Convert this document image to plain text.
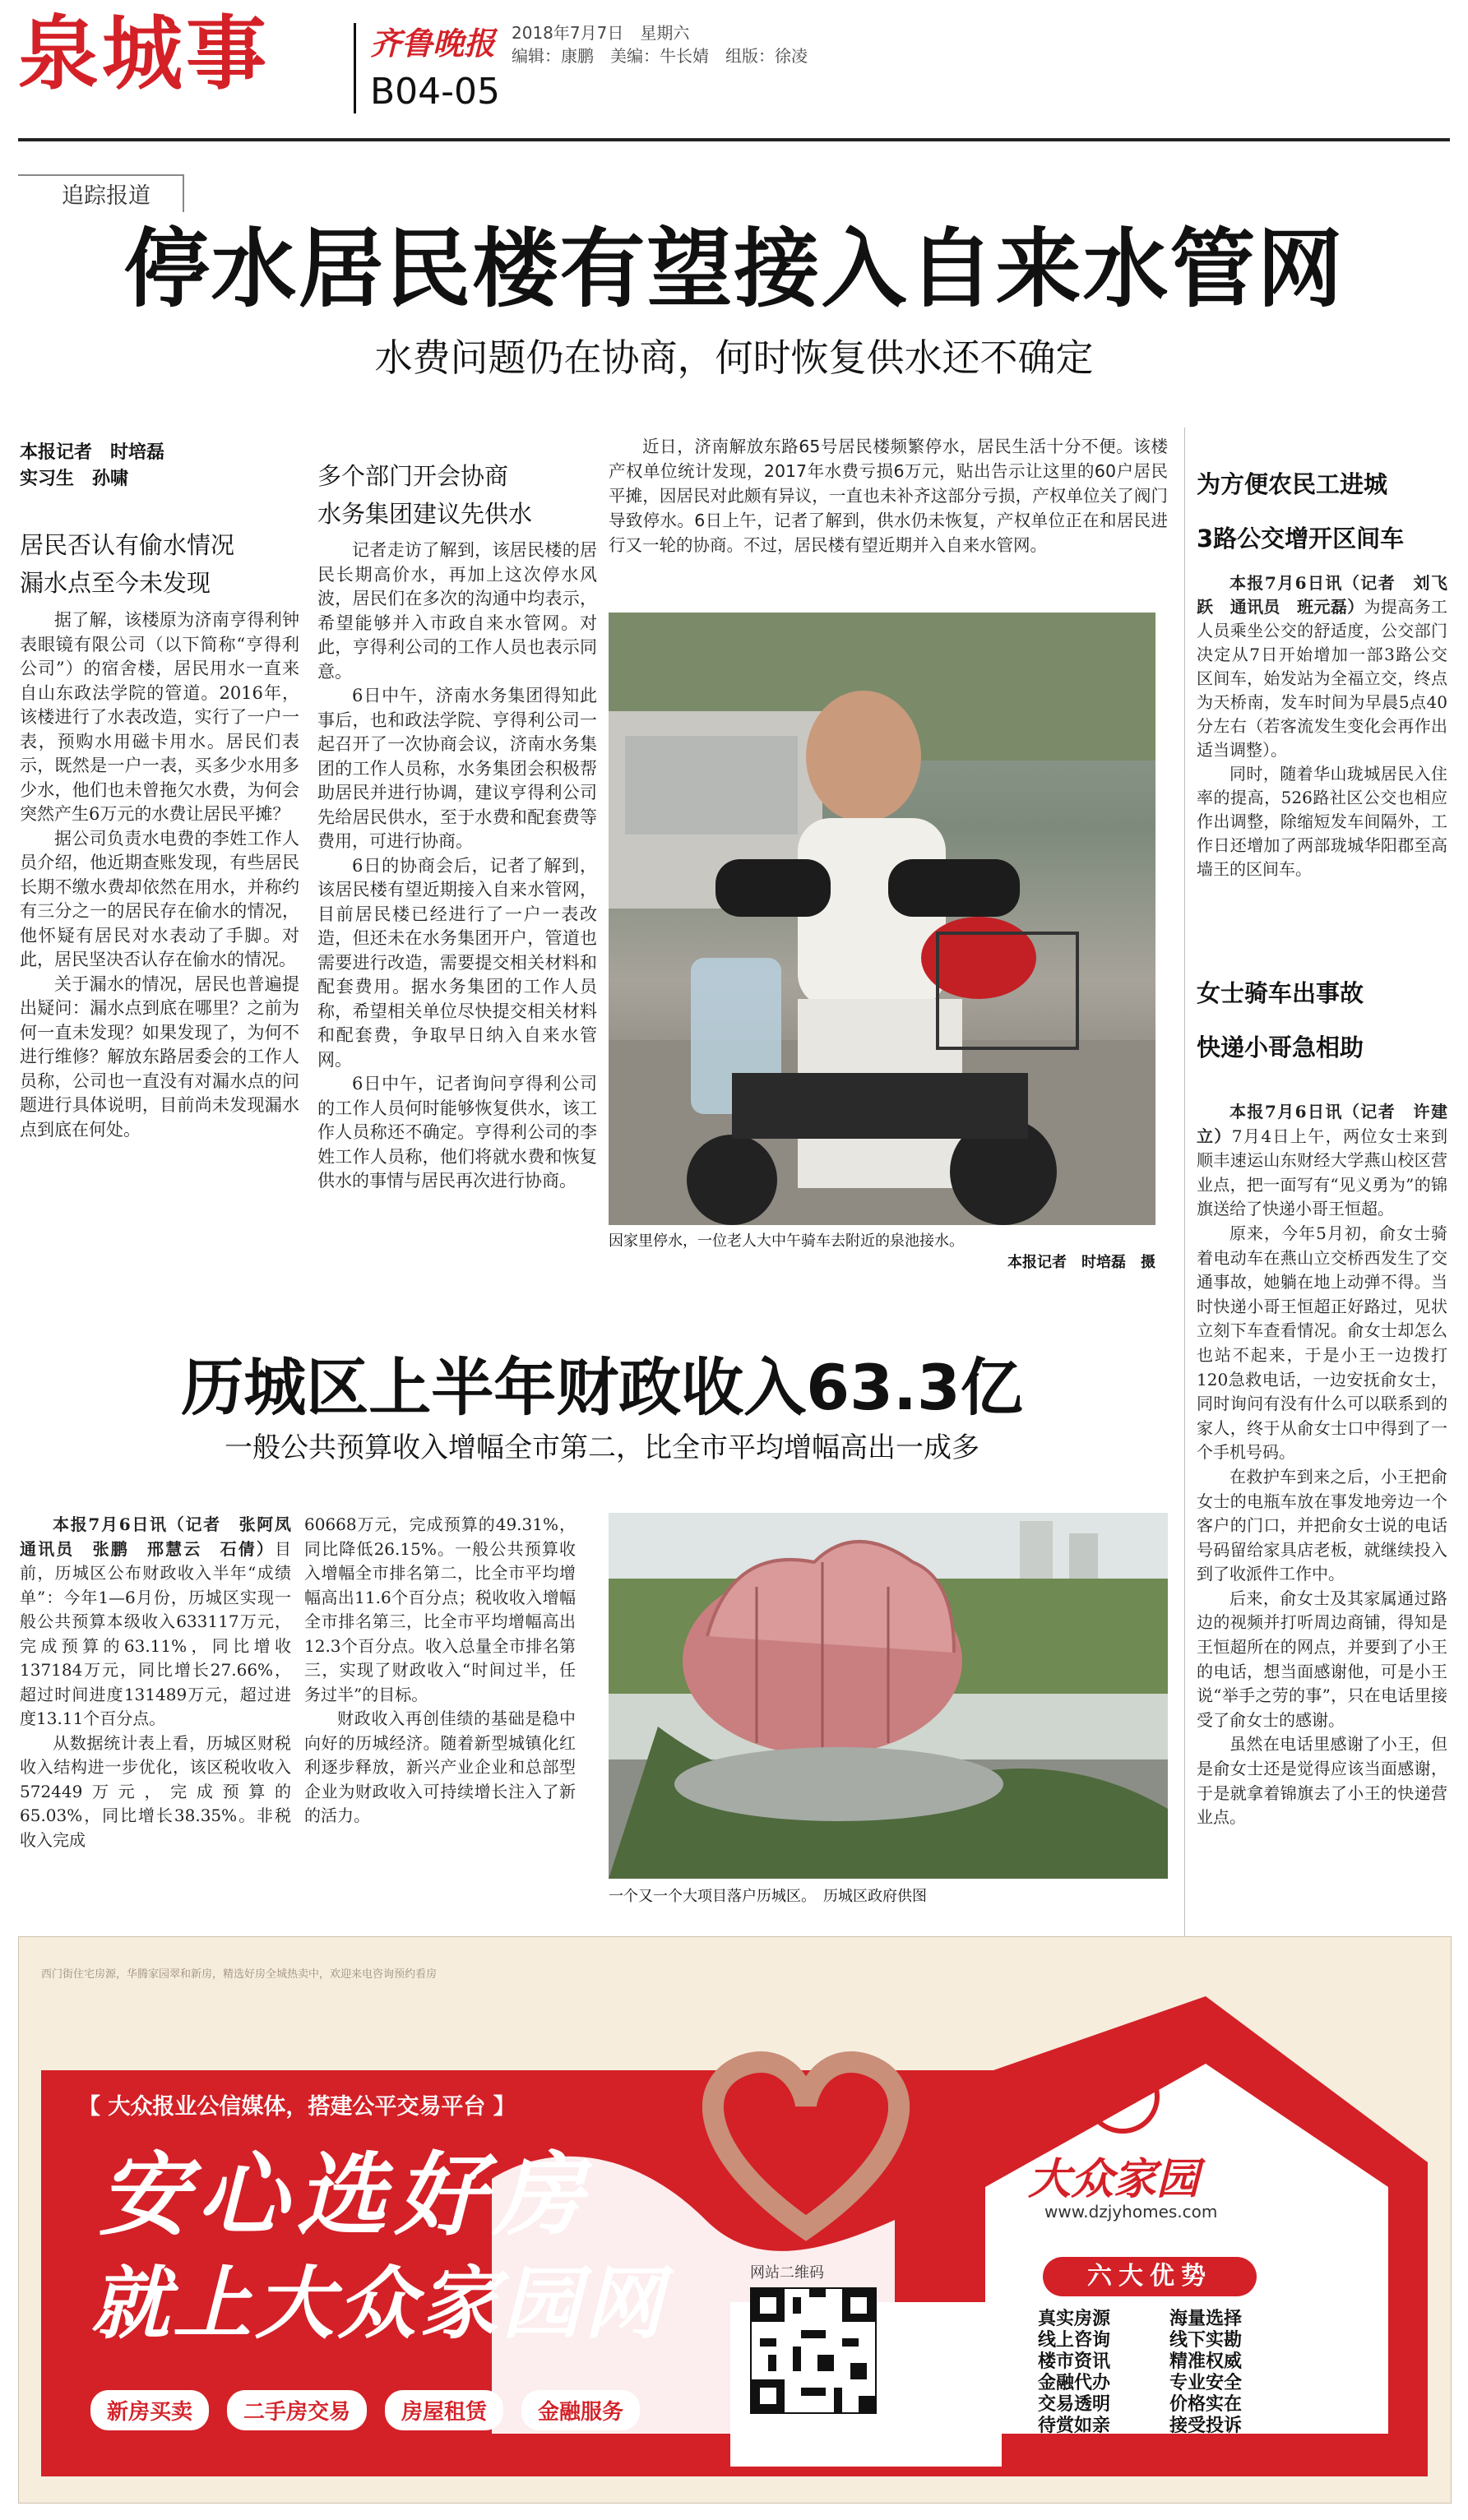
泉城事	齐鲁晚报 2018年7月7日　星期六
编辑：康鹏　美编：牛长婧　组版：徐凌
B04-05
追踪报道
停水居民楼有望接入自来水管网
水费问题仍在协商，何时恢复供水还不确定
本报记者　时培磊
实习生　孙啸
居民否认有偷水情况
漏水点至今未发现

据了解，该楼原为济南亨得利钟表眼镜有限公司（以下简称“亨得利公司”）的宿舍楼，居民用水一直来自山东政法学院的管道。2016年，该楼进行了水表改造，实行了一户一表，预购水用磁卡用水。居民们表示，既然是一户一表，买多少水用多少水，他们也未曾拖欠水费，为何会突然产生6万元的水费让居民平摊？

据公司负责水电费的李姓工作人员介绍，他近期查账发现，有些居民长期不缴水费却依然在用水，并称约有三分之一的居民存在偷水的情况，他怀疑有居民对水表动了手脚。对此，居民坚决否认存在偷水的情况。

关于漏水的情况，居民也普遍提出疑问：漏水点到底在哪里？之前为何一直未发现？如果发现了，为何不进行维修？解放东路居委会的工作人员称，公司也一直没有对漏水点的问题进行具体说明，目前尚未发现漏水点到底在何处。

多个部门开会协商
水务集团建议先供水

记者走访了解到，该居民楼的居民长期高价水，再加上这次停水风波，居民们在多次的沟通中均表示，希望能够并入市政自来水管网。对此，亨得利公司的工作人员也表示同意。

6日中午，济南水务集团得知此事后，也和政法学院、亨得利公司一起召开了一次协商会议，济南水务集团的工作人员称，水务集团会积极帮助居民并进行协调，建议亨得利公司先给居民供水，至于水费和配套费等费用，可进行协商。

6日的协商会后，记者了解到，该居民楼有望近期接入自来水管网，目前居民楼已经进行了一户一表改造，但还未在水务集团开户，管道也需要进行改造，需要提交相关材料和配套费用。据水务集团的工作人员称，希望相关单位尽快提交相关材料和配套费，争取早日纳入自来水管网。

6日中午，记者询问亨得利公司的工作人员何时能够恢复供水，该工作人员称还不确定。亨得利公司的李姓工作人员称，他们将就水费和恢复供水的事情与居民再次进行协商。

近日，济南解放东路65号居民楼频繁停水，居民生活十分不便。该楼产权单位统计发现，2017年水费亏损6万元，贴出告示让这里的60户居民平摊，因居民对此颇有异议，一直也未补齐这部分亏损，产权单位关了阀门导致停水。6日上午，记者了解到，供水仍未恢复，产权单位正在和居民进行又一轮的协商。不过，居民楼有望近期并入自来水管网。

因家里停水，一位老人大中午骑车去附近的泉池接水。
本报记者　时培磊　摄
为方便农民工进城
3路公交增开区间车

本报7月6日讯（记者　刘飞跃　通讯员　班元磊）为提高务工人员乘坐公交的舒适度，公交部门决定从7日开始增加一部3路公交区间车，始发站为全福立交，终点为天桥南，发车时间为早晨5点40分左右（若客流发生变化会再作出适当调整）。

同时，随着华山珑城居民入住率的提高，526路社区公交也相应作出调整，除缩短发车间隔外，工作日还增加了两部珑城华阳郡至高墙王的区间车。

女士骑车出事故
快递小哥急相助

本报7月6日讯（记者　许建立）7月4日上午，两位女士来到顺丰速运山东财经大学燕山校区营业点，把一面写有“见义勇为”的锦旗送给了快递小哥王恒超。

原来，今年5月初，俞女士骑着电动车在燕山立交桥西发生了交通事故，她躺在地上动弹不得。当时快递小哥王恒超正好路过，见状立刻下车查看情况。俞女士却怎么也站不起来，于是小王一边拨打120急救电话，一边安抚俞女士，同时询问有没有什么可以联系到的家人，终于从俞女士口中得到了一个手机号码。

在救护车到来之后，小王把俞女士的电瓶车放在事发地旁边一个客户的门口，并把俞女士说的电话号码留给家具店老板，就继续投入到了收派件工作中。

后来，俞女士及其家属通过路边的视频并打听周边商铺，得知是王恒超所在的网点，并要到了小王的电话，想当面感谢他，可是小王说“举手之劳的事”，只在电话里接受了俞女士的感谢。

虽然在电话里感谢了小王，但是俞女士还是觉得应该当面感谢，于是就拿着锦旗去了小王的快递营业点。

历城区上半年财政收入63.3亿
一般公共预算收入增幅全市第二，比全市平均增幅高出一成多

本报7月6日讯（记者　张阿凤　通讯员　张鹏　邢慧云　石倩）目前，历城区公布财政收入半年“成绩单”：今年1—6月份，历城区实现一般公共预算本级收入633117万元，完成预算的63.11%，同比增收137184万元，同比增长27.66%，超过时间进度131489万元，超过进度13.11个百分点。

从数据统计表上看，历城区财税收入结构进一步优化，该区税收收入572449万元，完成预算的65.03%，同比增长38.35%。非税收入完成

60668万元，完成预算的49.31%，同比降低26.15%。一般公共预算收入增幅全市排名第二，比全市平均增幅高出11.6个百分点；税收收入增幅全市排名第三，比全市平均增幅高出12.3个百分点。收入总量全市排名第三，实现了财政收入“时间过半，任务过半”的目标。

财政收入再创佳绩的基础是稳中向好的历城经济。随着新型城镇化红利逐步释放，新兴产业企业和总部型企业为财政收入可持续增长注入了新的活力。

一个又一个大项目落户历城区。　历城区政府供图
西门街住宅房源，华腾家园翠和新房，精选好房全城热卖中，欢迎来电咨询预约看房
【 大众报业公信媒体，搭建公平交易平台 】
安心选好房
就上大众家园网
新房买卖	二手房交易	房屋租赁	金融服务
网站二维码
大众家园
www.dzjyhomes.com
六大优势
真实房源	海量选择
线上咨询	线下实勘
楼市资讯	精准权威
金融代办	专业安全
交易透明	价格实在
待赏如亲	接受投诉
